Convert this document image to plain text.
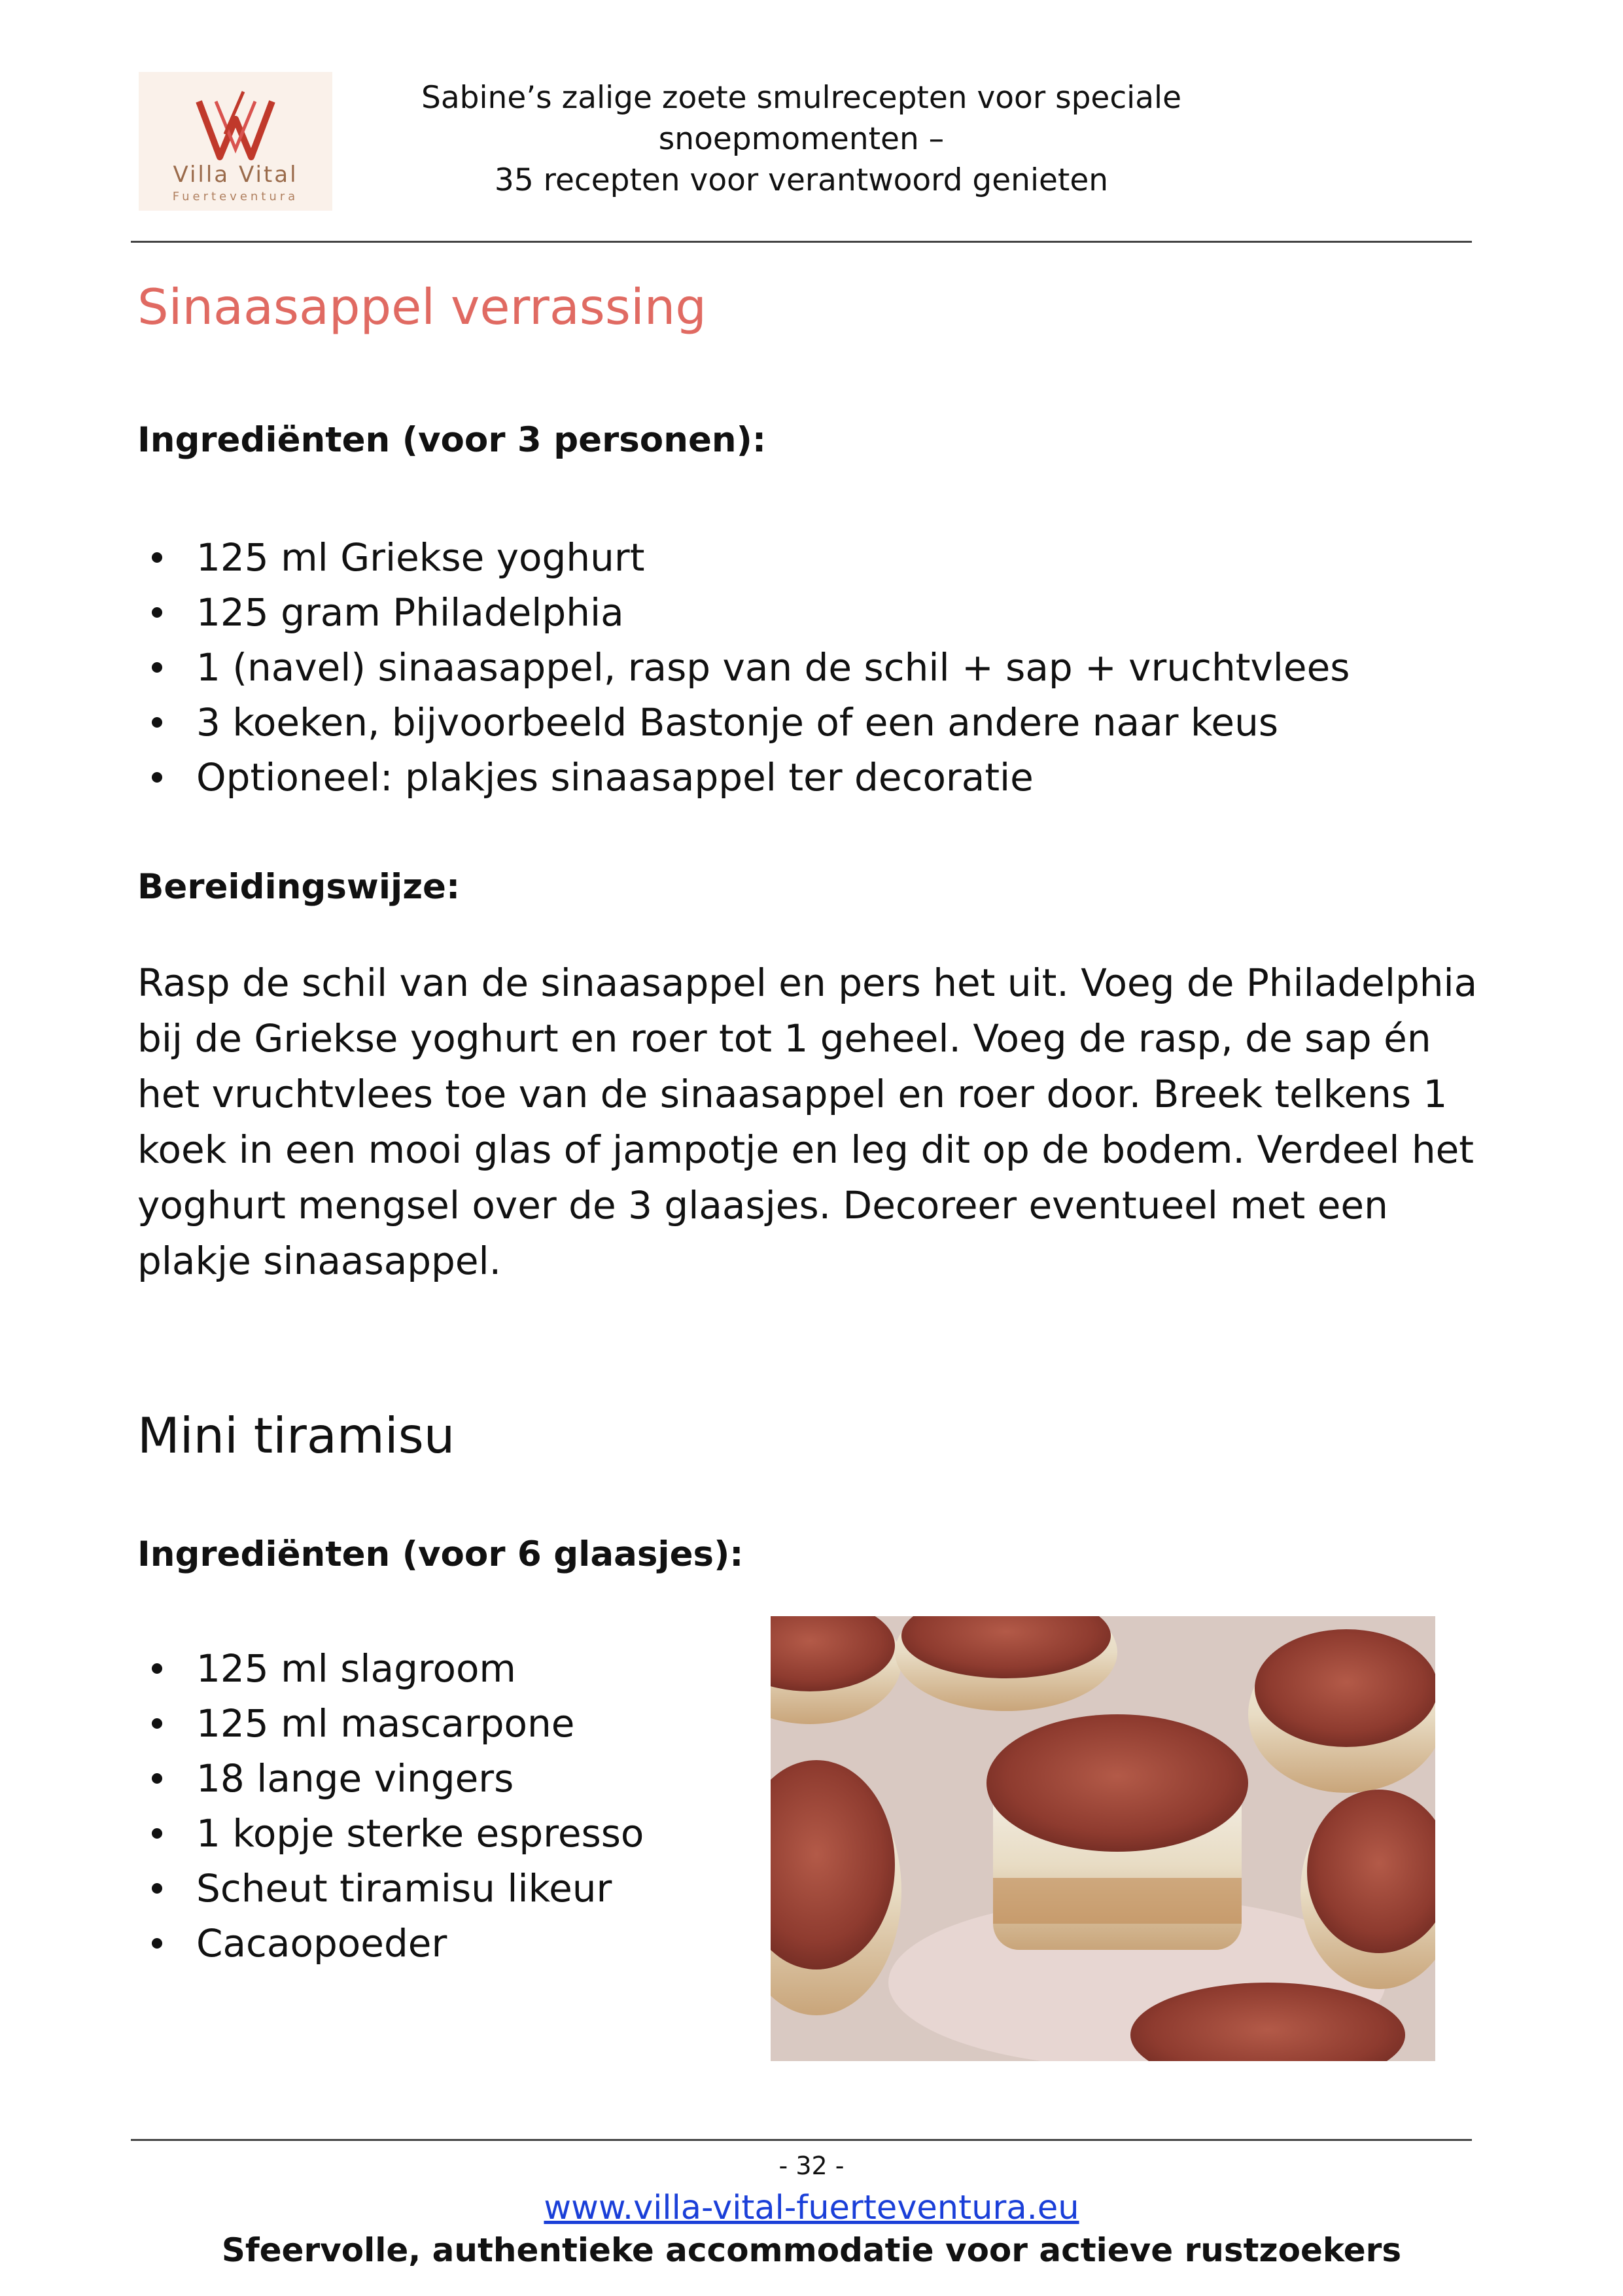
Villa Vital
Fuerteventura
Sabine’s zalige zoete smulrecepten voor speciale
snoepmomenten –
35 recepten voor verantwoord genieten
Sinaasappel verrassing
Ingrediënten (voor 3 personen):
125 ml Griekse yoghurt
125 gram Philadelphia
1 (navel) sinaasappel, rasp van de schil + sap + vruchtvlees
3 koeken, bijvoorbeeld Bastonje of een andere naar keus
Optioneel: plakjes sinaasappel ter decoratie
Bereidingswijze:
Rasp de schil van de sinaasappel en pers het uit. Voeg de Philadelphia
bij de Griekse yoghurt en roer tot 1 geheel. Voeg de rasp, de sap én
het vruchtvlees toe van de sinaasappel en roer door. Breek telkens 1
koek in een mooi glas of jampotje en leg dit op de bodem. Verdeel het
yoghurt mengsel over de 3 glaasjes. Decoreer eventueel met een
plakje sinaasappel.
Mini tiramisu
Ingrediënten (voor 6 glaasjes):
125 ml slagroom
125 ml mascarpone
18 lange vingers
1 kopje sterke espresso
Scheut tiramisu likeur
Cacaopoeder
- 32 -
www.villa-vital-fuerteventura.eu
Sfeervolle, authentieke accommodatie voor actieve rustzoekers
